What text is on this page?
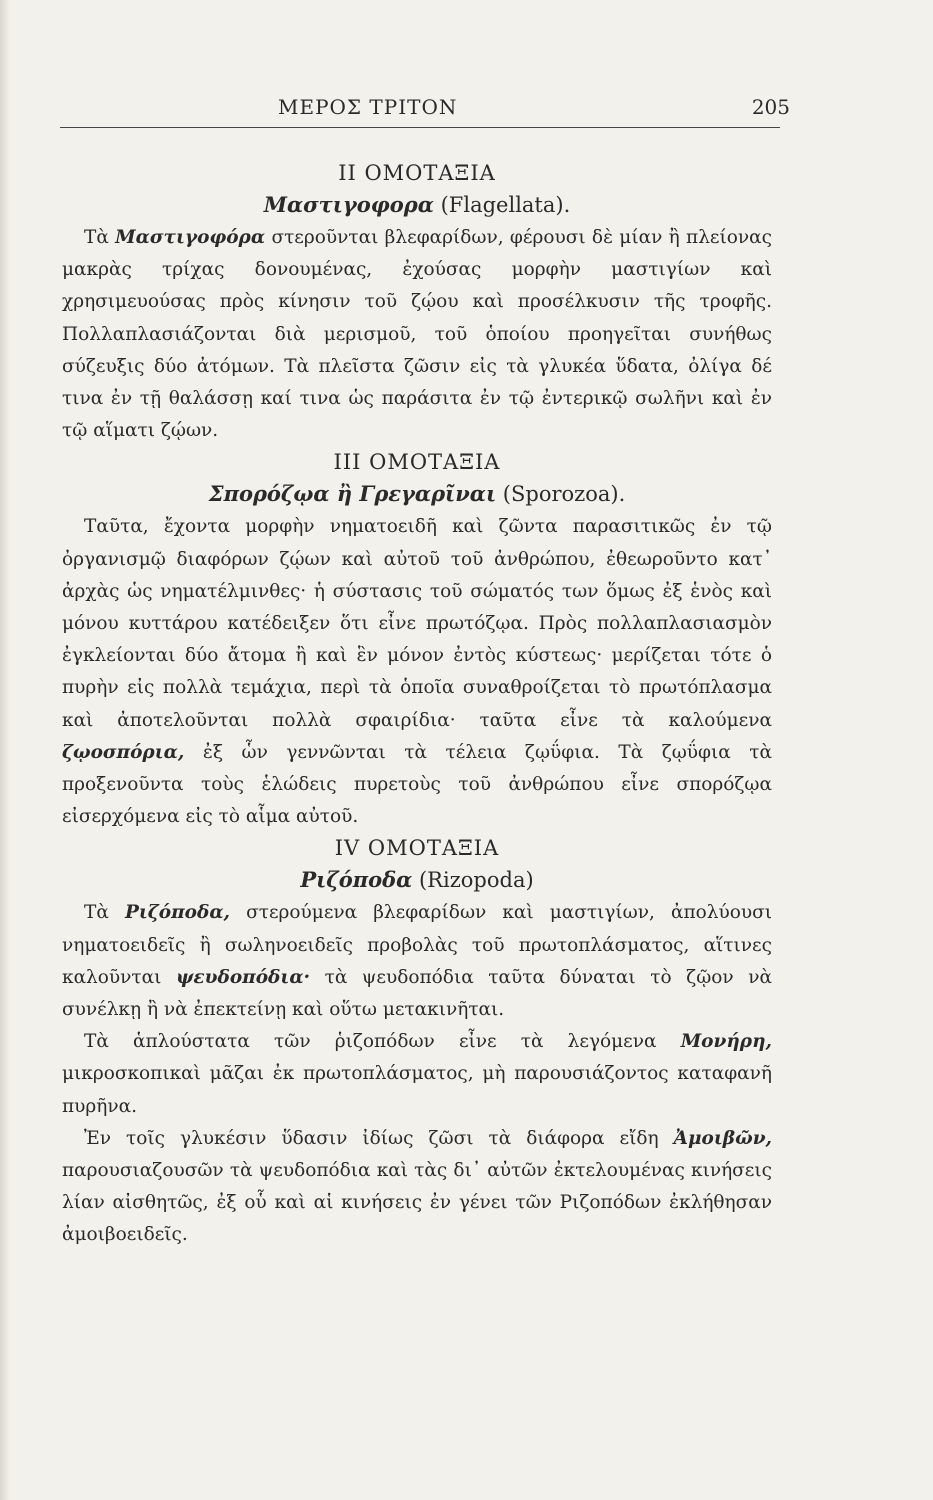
ΜΕΡΟΣ ΤΡΙΤΟΝ	205
II ΟΜΟΤΑΞΙΑ
Μαστιγοφορα (Flagellata).

Τὰ Μαστιγοφόρα στεροῦνται βλεφαρίδων, φέρουσι δὲ μίαν ἢ πλείονας μακρὰς τρίχας δονουμένας, ἐχούσας μορφὴν μαστιγίων καὶ χρησιμευούσας πρὸς κίνησιν τοῦ ζῴου καὶ προσέλκυσιν τῆς τροφῆς. Πολλαπλασιάζονται διὰ μερισμοῦ, τοῦ ὁποίου προηγεῖται συνήθως σύζευξις δύο ἀτόμων. Τὰ πλεῖστα ζῶσιν εἰς τὰ γλυκέα ὕδατα, ὀλίγα δέ τινα ἐν τῇ θαλάσσῃ καί τινα ὡς παράσιτα ἐν τῷ ἐντερικῷ σωλῆνι καὶ ἐν τῷ αἵματι ζῴων.

III ΟΜΟΤΑΞΙΑ
Σπορόζῳα ἢ Γρεγαρῖναι (Sporozoa).

Ταῦτα, ἔχοντα μορφὴν νηματοειδῆ καὶ ζῶντα παρασιτικῶς ἐν τῷ ὀργανισμῷ διαφόρων ζῴων καὶ αὐτοῦ τοῦ ἀνθρώπου, ἐθεωροῦντο κατ᾽ ἀρχὰς ὡς νηματέλμινθες· ἡ σύστασις τοῦ σώματός των ὅμως ἐξ ἑνὸς καὶ μόνου κυττάρου κατέδειξεν ὅτι εἶνε πρωτόζῳα. Πρὸς πολλαπλασιασμὸν ἐγκλείονται δύο ἄτομα ἢ καὶ ἓν μόνον ἐντὸς κύστεως· μερίζεται τότε ὁ πυρὴν εἰς πολλὰ τεμάχια, περὶ τὰ ὁποῖα συναθροίζεται τὸ πρωτόπλασμα καὶ ἀποτελοῦνται πολλὰ σφαιρίδια· ταῦτα εἶνε τὰ καλούμενα ζῳοσπόρια, ἐξ ὧν γεννῶνται τὰ τέλεια ζῳΰφια. Τὰ ζῳΰφια τὰ προξενοῦντα τοὺς ἑλώδεις πυρετοὺς τοῦ ἀνθρώπου εἶνε σπορόζῳα εἰσερχόμενα εἰς τὸ αἷμα αὐτοῦ.

IV ΟΜΟΤΑΞΙΑ
Ριζόποδα (Rizopoda)

Τὰ Ριζόποδα, στερούμενα βλεφαρίδων καὶ μαστιγίων, ἀπολύουσι νηματοειδεῖς ἢ σωληνοειδεῖς προβολὰς τοῦ πρωτοπλάσματος, αἵτινες καλοῦνται ψευδοπόδια· τὰ ψευδοπόδια ταῦτα δύναται τὸ ζῷον νὰ συνέλκῃ ἢ νὰ ἐπεκτείνῃ καὶ οὕτω μετακινῆται.

Τὰ ἁπλούστατα τῶν ῥιζοπόδων εἶνε τὰ λεγόμενα Μονήρη, μικροσκοπικαὶ μᾶζαι ἐκ πρωτοπλάσματος, μὴ παρουσιάζοντος καταφανῆ πυρῆνα.

Ἐν τοῖς γλυκέσιν ὕδασιν ἰδίως ζῶσι τὰ διάφορα εἴδη Ἀμοιβῶν, παρουσιαζουσῶν τὰ ψευδοπόδια καὶ τὰς δι᾽ αὐτῶν ἐκτελουμένας κινήσεις λίαν αἰσθητῶς, ἐξ οὗ καὶ αἱ κινήσεις ἐν γένει τῶν Ριζοπόδων ἐκλήθησαν ἀμοιβοειδεῖς.
